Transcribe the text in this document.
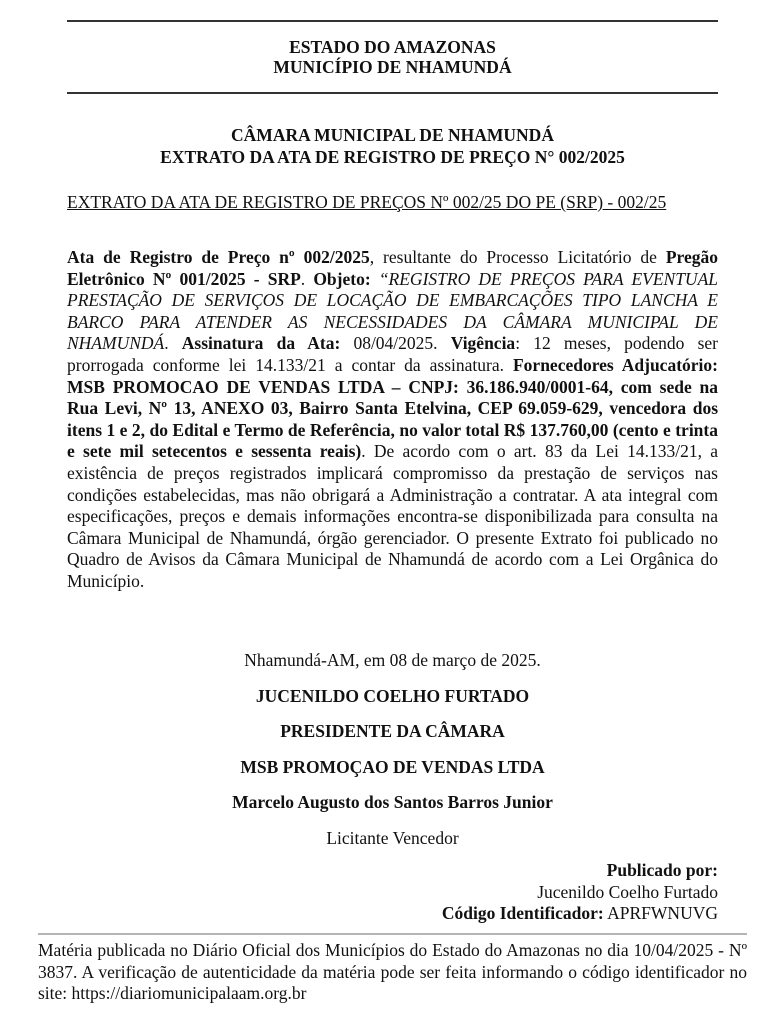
ESTADO DO AMAZONAS
MUNICÍPIO DE NHAMUNDÁ
CÂMARA MUNICIPAL DE NHAMUNDÁ
EXTRATO DA ATA DE REGISTRO DE PREÇO N° 002/2025
EXTRATO DA ATA DE REGISTRO DE PREÇOS Nº 002/25 DO PE (SRP) - 002/25
Ata de Registro de Preço nº 002/2025, resultante do Processo Licitatório de Pregão Eletrônico Nº 001/2025 - SRP. Objeto: “REGISTRO DE PREÇOS PARA EVENTUAL PRESTAÇÃO DE SERVIÇOS DE LOCAÇÃO DE EMBARCAÇÕES TIPO LANCHA E BARCO PARA ATENDER AS NECESSIDADES DA CÂMARA MUNICIPAL DE NHAMUNDÁ. Assinatura da Ata: 08/04/2025. Vigência: 12 meses, podendo ser prorrogada conforme lei 14.133/21 a contar da assinatura. Fornecedores Adjucatório: MSB PROMOCAO DE VENDAS LTDA – CNPJ: 36.186.940/0001-64, com sede na Rua Levi, Nº 13, ANEXO 03, Bairro Santa Etelvina, CEP 69.059-629, vencedora dos itens 1 e 2, do Edital e Termo de Referência, no valor total R$ 137.760,00 (cento e trinta e sete mil setecentos e sessenta reais). De acordo com o art. 83 da Lei 14.133/21, a existência de preços registrados implicará compromisso da prestação de serviços nas condições estabelecidas, mas não obrigará a Administração a contratar. A ata integral com especificações, preços e demais informações encontra-se disponibilizada para consulta na Câmara Municipal de Nhamundá, órgão gerenciador. O presente Extrato foi publicado no Quadro de Avisos da Câmara Municipal de Nhamundá de acordo com a Lei Orgânica do Município.
Nhamundá-AM, em 08 de março de 2025.
JUCENILDO COELHO FURTADO
PRESIDENTE DA CÂMARA
MSB PROMOÇAO DE VENDAS LTDA
Marcelo Augusto dos Santos Barros Junior
Licitante Vencedor
Publicado por:
Jucenildo Coelho Furtado
Código Identificador: APRFWNUVG
Matéria publicada no Diário Oficial dos Municípios do Estado do Amazonas no dia 10/04/2025 - Nº 3837. A verificação de autenticidade da matéria pode ser feita informando o código identificador no site: https://diariomunicipalaam.org.br
